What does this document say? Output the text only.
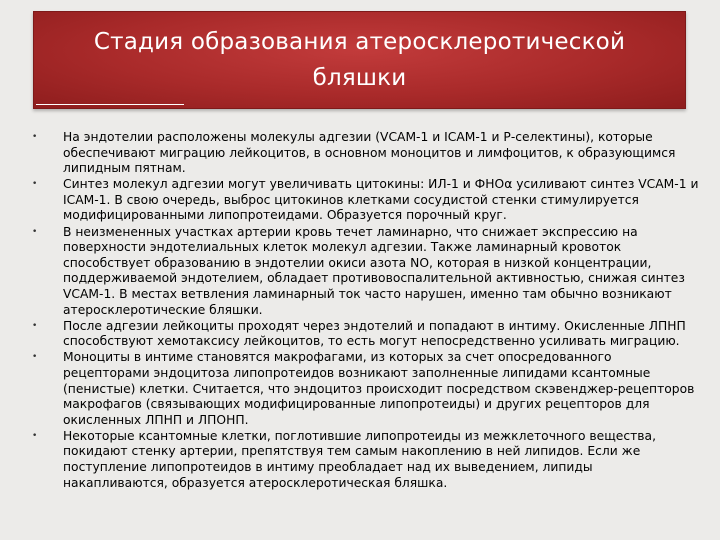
Стадия образования атеросклеротической
бляшки
• На эндотелии расположены молекулы адгезии (VCAM-1 и ICAM-1 и Р-селектины), которые обеспечивают миграцию лейкоцитов, в основном моноцитов и лимфоцитов, к образующимся липидным пятнам.
• Синтез молекул адгезии могут увеличивать цитокины: ИЛ-1 и ФНОα усиливают синтез VCAM-1 и ICAM-1. В свою очередь, выброс цитокинов клетками сосудистой стенки стимулируется модифицированными липопротеидами. Образуется порочный круг.
• В неизмененных участках артерии кровь течет ламинарно, что снижает экспрессию на поверхности эндотелиальных клеток молекул адгезии. Также ламинарный кровоток способствует образованию в эндотелии окиси азота NO, которая в низкой концентрации, поддерживаемой эндотелием, обладает противовоспалительной активностью, снижая синтез VCAM-1. В местах ветвления ламинарный ток часто нарушен, именно там обычно возникают атеросклеротические бляшки.
• После адгезии лейкоциты проходят через эндотелий и попадают в интиму. Окисленные ЛПНП способствуют хемотаксису лейкоцитов, то есть могут непосредственно усиливать миграцию.
• Моноциты в интиме становятся макрофагами, из которых за счет опосредованного рецепторами эндоцитоза липопротеидов возникают заполненные липидами ксантомные (пенистые) клетки. Считается, что эндоцитоз происходит посредством скэвенджер-рецепторов макрофагов (связывающих модифицированные липопротеиды) и других рецепторов для окисленных ЛПНП и ЛПОНП.
• Некоторые ксантомные клетки, поглотившие липопротеиды из межклеточного вещества, покидают стенку артерии, препятствуя тем самым накоплению в ней липидов. Если же поступление липопротеидов в интиму преобладает над их выведением, липиды накапливаются, образуется атеросклеротическая бляшка.
